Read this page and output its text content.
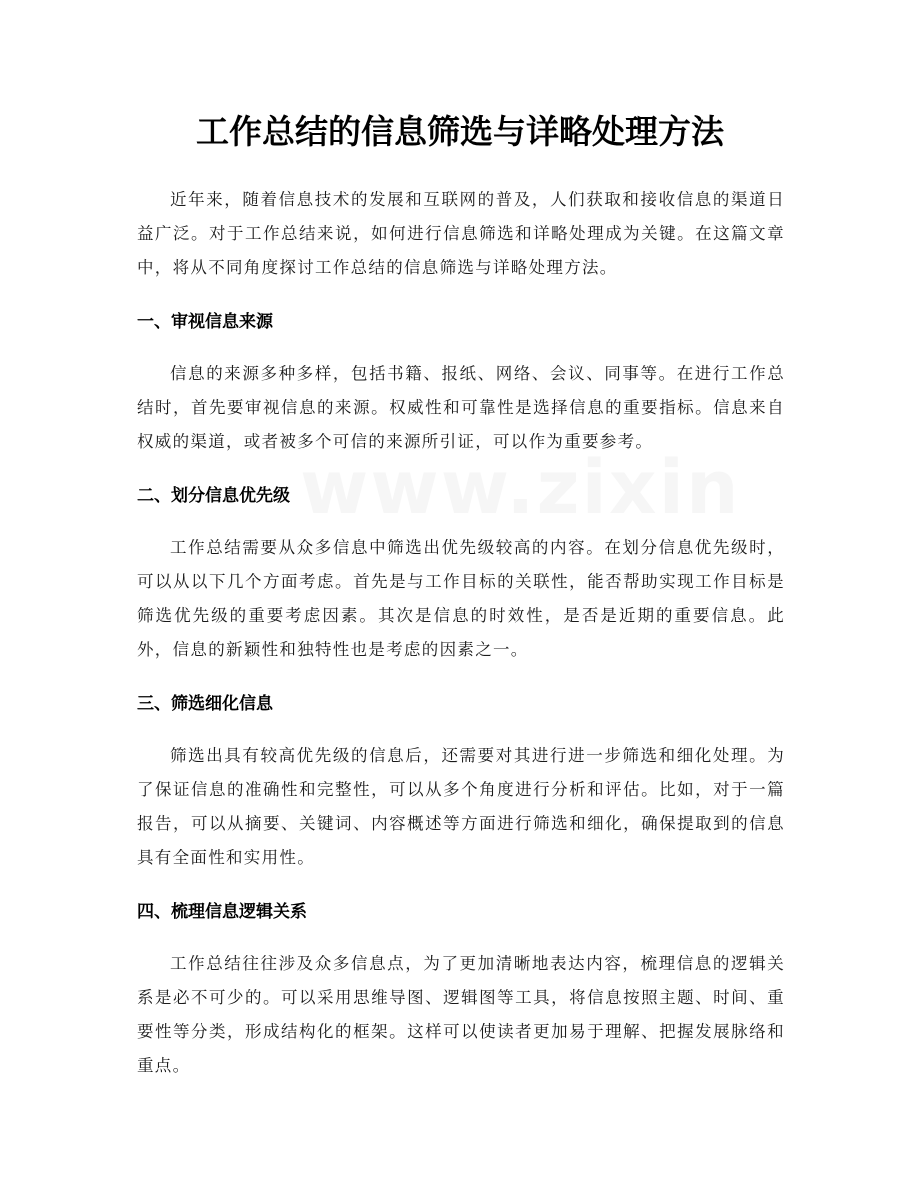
工作总结的信息筛选与详略处理方法

近年来，随着信息技术的发展和互联网的普及，人们获取和接收信息的渠道日益广泛。对于工作总结来说，如何进行信息筛选和详略处理成为关键。在这篇文章中，将从不同角度探讨工作总结的信息筛选与详略处理方法。

一、审视信息来源

信息的来源多种多样，包括书籍、报纸、网络、会议、同事等。在进行工作总结时，首先要审视信息的来源。权威性和可靠性是选择信息的重要指标。信息来自权威的渠道，或者被多个可信的来源所引证，可以作为重要参考。

二、划分信息优先级

工作总结需要从众多信息中筛选出优先级较高的内容。在划分信息优先级时，可以从以下几个方面考虑。首先是与工作目标的关联性，能否帮助实现工作目标是筛选优先级的重要考虑因素。其次是信息的时效性，是否是近期的重要信息。此外，信息的新颖性和独特性也是考虑的因素之一。

三、筛选细化信息

筛选出具有较高优先级的信息后，还需要对其进行进一步筛选和细化处理。为了保证信息的准确性和完整性，可以从多个角度进行分析和评估。比如，对于一篇报告，可以从摘要、关键词、内容概述等方面进行筛选和细化，确保提取到的信息具有全面性和实用性。

四、梳理信息逻辑关系

工作总结往往涉及众多信息点，为了更加清晰地表达内容，梳理信息的逻辑关系是必不可少的。可以采用思维导图、逻辑图等工具，将信息按照主题、时间、重要性等分类，形成结构化的框架。这样可以使读者更加易于理解、把握发展脉络和重点。
